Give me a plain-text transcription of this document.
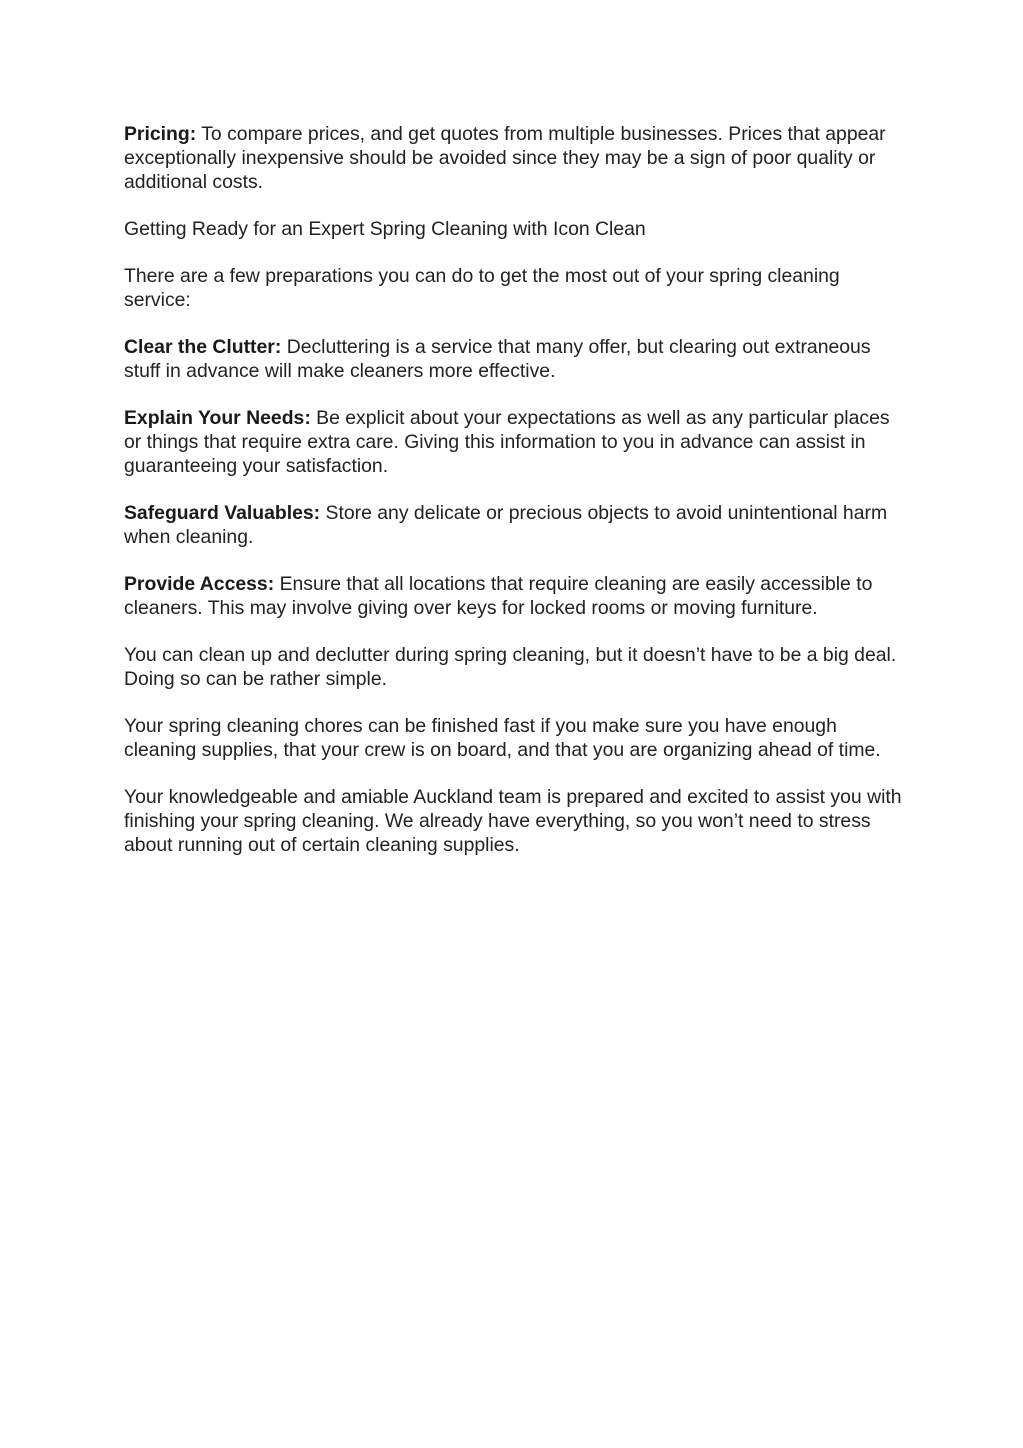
Pricing: To compare prices, and get quotes from multiple businesses. Prices that appear exceptionally inexpensive should be avoided since they may be a sign of poor quality or additional costs.

Getting Ready for an Expert Spring Cleaning with Icon Clean

There are a few preparations you can do to get the most out of your spring cleaning service:

Clear the Clutter: Decluttering is a service that many offer, but clearing out extraneous stuff in advance will make cleaners more effective.

Explain Your Needs: Be explicit about your expectations as well as any particular places or things that require extra care. Giving this information to you in advance can assist in guaranteeing your satisfaction.

Safeguard Valuables: Store any delicate or precious objects to avoid unintentional harm when cleaning.

Provide Access: Ensure that all locations that require cleaning are easily accessible to cleaners. This may involve giving over keys for locked rooms or moving furniture.

You can clean up and declutter during spring cleaning, but it doesn’t have to be a big deal. Doing so can be rather simple.

Your spring cleaning chores can be finished fast if you make sure you have enough cleaning supplies, that your crew is on board, and that you are organizing ahead of time.

Your knowledgeable and amiable Auckland team is prepared and excited to assist you with finishing your spring cleaning. We already have everything, so you won’t need to stress about running out of certain cleaning supplies.
